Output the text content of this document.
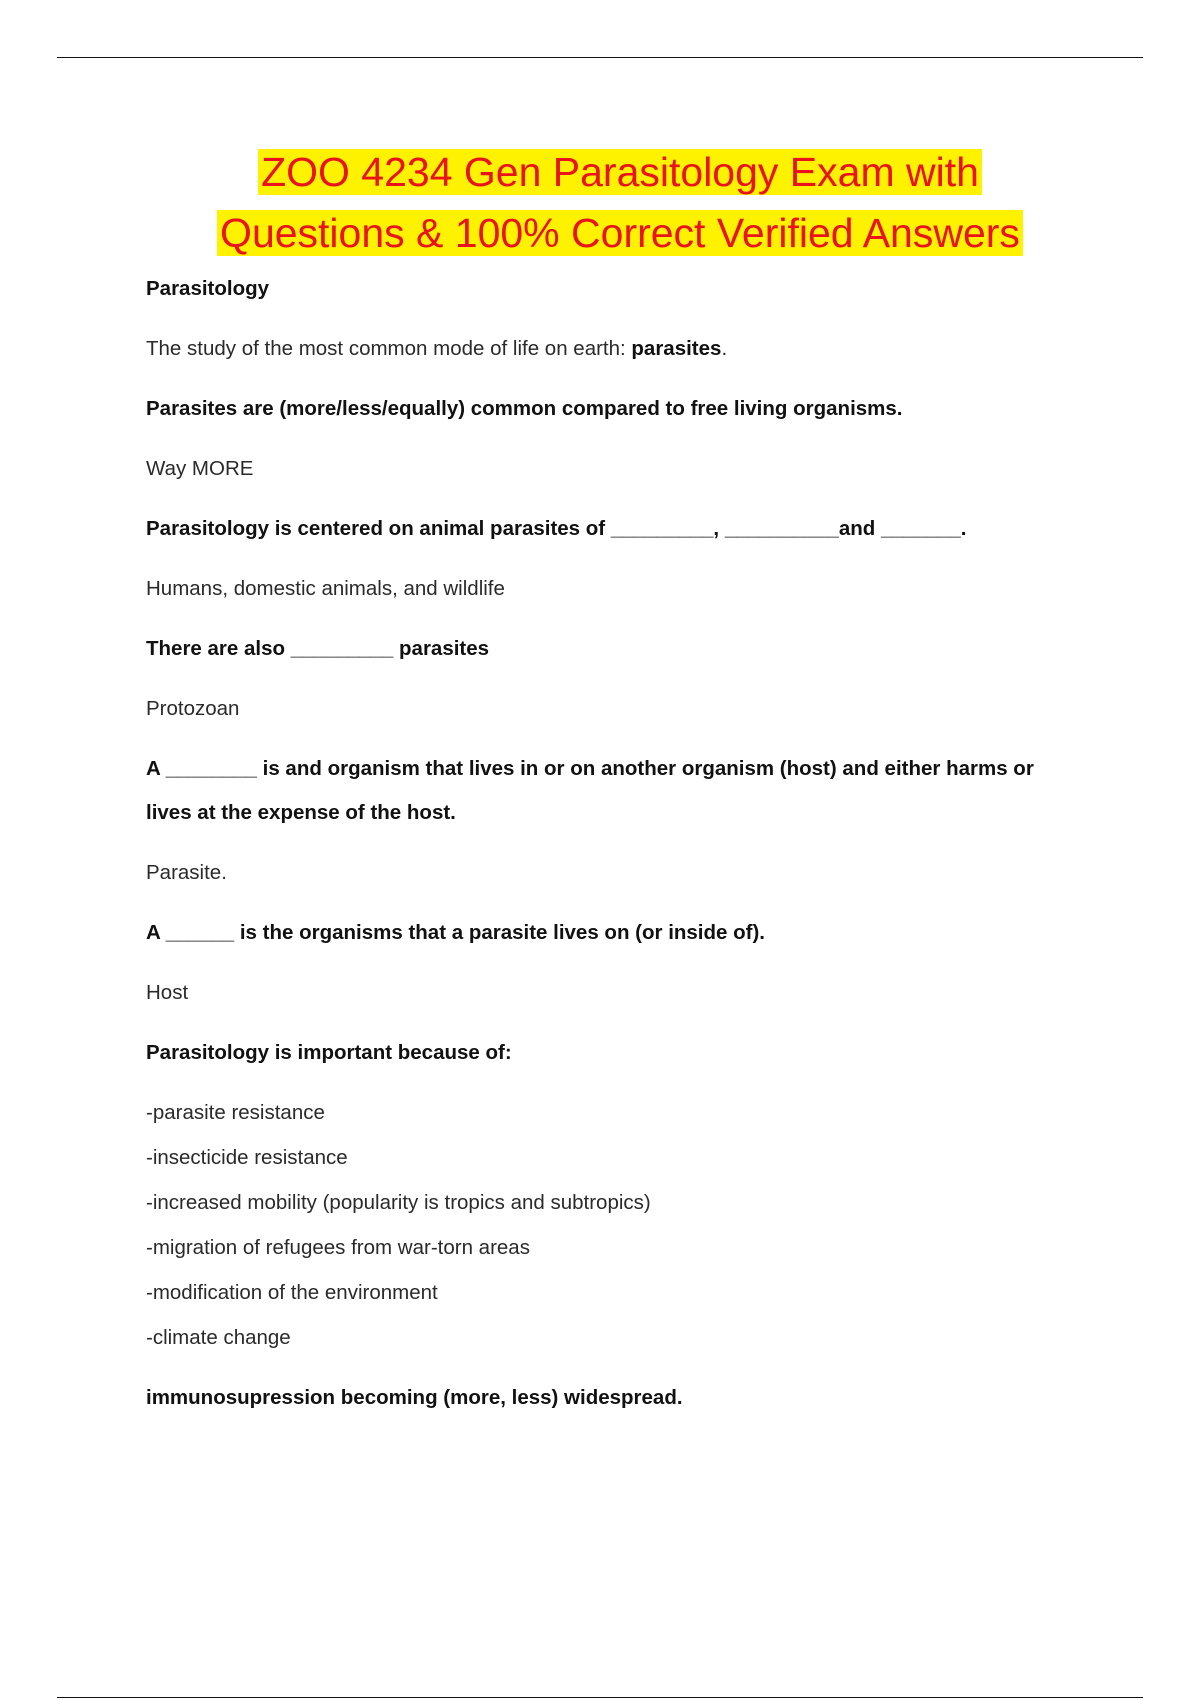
ZOO 4234 Gen Parasitology Exam with
Questions & 100% Correct Verified Answers

Parasitology

The study of the most common mode of life on earth: parasites.

Parasites are (more/less/equally) common compared to free living organisms.

Way MORE

Parasitology is centered on animal parasites of _________, __________and _______.

Humans, domestic animals, and wildlife

There are also _________ parasites

Protozoan

A ________ is and organism that lives in or on another organism (host) and either harms or

lives at the expense of the host.

Parasite.

A ______ is the organisms that a parasite lives on (or inside of).

Host

Parasitology is important because of:

-parasite resistance

-insecticide resistance

-increased mobility (popularity is tropics and subtropics)

-migration of refugees from war-torn areas

-modification of the environment

-climate change

immunosupression becoming (more, less) widespread.
